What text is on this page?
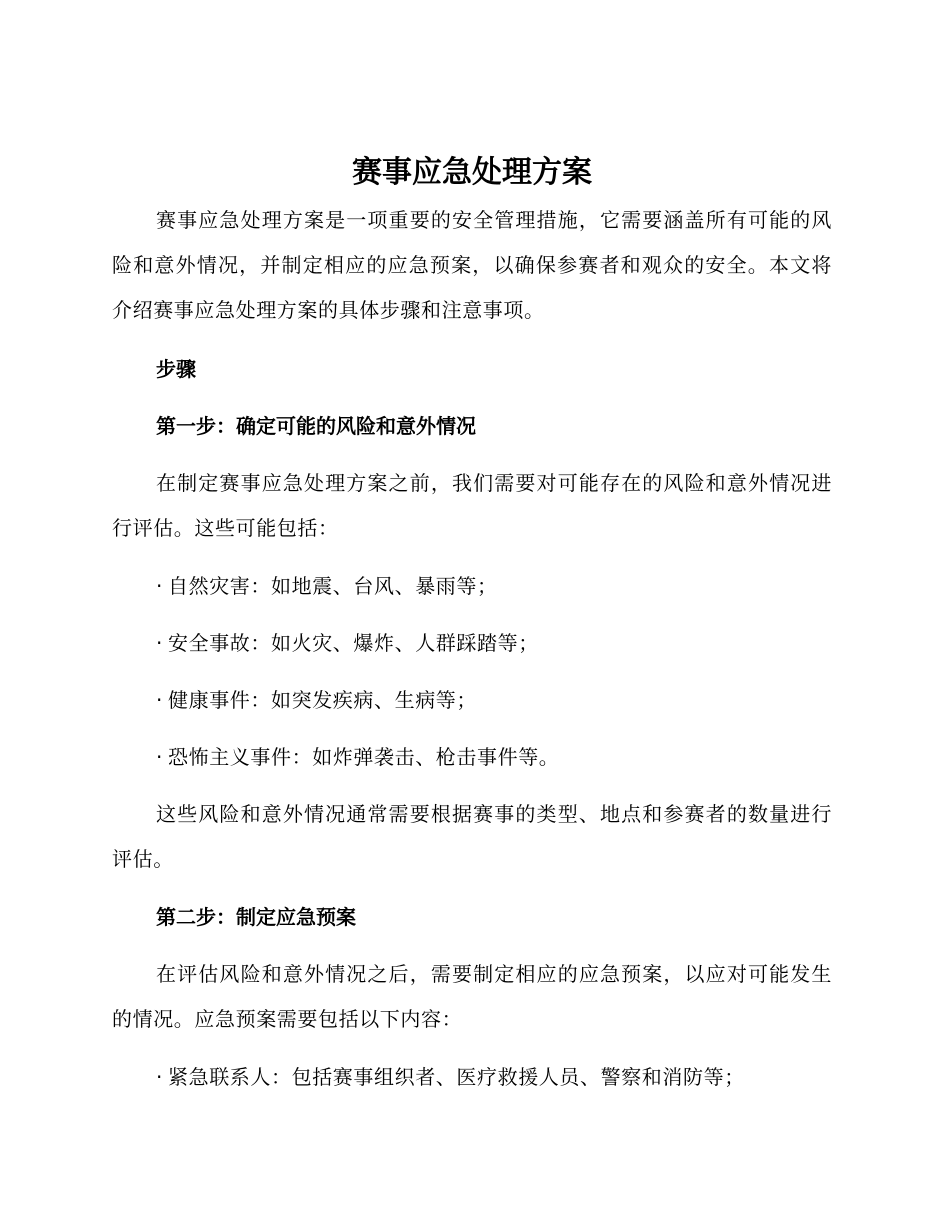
赛事应急处理方案

赛事应急处理方案是一项重要的安全管理措施，它需要涵盖所有可能的风险和意外情况，并制定相应的应急预案，以确保参赛者和观众的安全。本文将介绍赛事应急处理方案的具体步骤和注意事项。

步骤

第一步：确定可能的风险和意外情况

在制定赛事应急处理方案之前，我们需要对可能存在的风险和意外情况进行评估。这些可能包括：

· 自然灾害：如地震、台风、暴雨等；

· 安全事故：如火灾、爆炸、人群踩踏等；

· 健康事件：如突发疾病、生病等；

· 恐怖主义事件：如炸弹袭击、枪击事件等。

这些风险和意外情况通常需要根据赛事的类型、地点和参赛者的数量进行评估。

第二步：制定应急预案

在评估风险和意外情况之后，需要制定相应的应急预案，以应对可能发生的情况。应急预案需要包括以下内容：

· 紧急联系人：包括赛事组织者、医疗救援人员、警察和消防等；
